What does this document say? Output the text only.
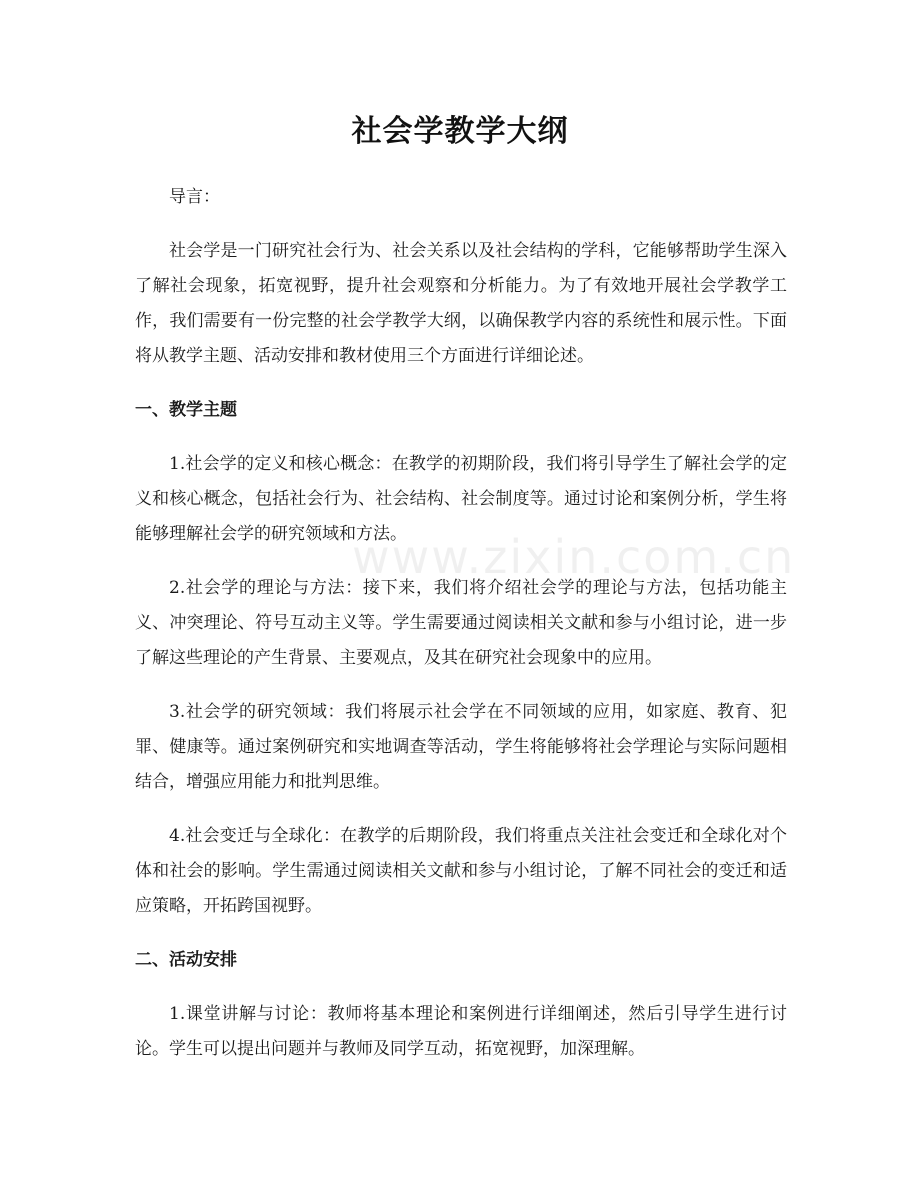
www.zixin.com.cn
社会学教学大纲

导言：

社会学是一门研究社会行为、社会关系以及社会结构的学科，它能够帮助学生深入了解社会现象，拓宽视野，提升社会观察和分析能力。为了有效地开展社会学教学工作，我们需要有一份完整的社会学教学大纲，以确保教学内容的系统性和展示性。下面将从教学主题、活动安排和教材使用三个方面进行详细论述。

一、教学主题

1.社会学的定义和核心概念：在教学的初期阶段，我们将引导学生了解社会学的定义和核心概念，包括社会行为、社会结构、社会制度等。通过讨论和案例分析，学生将能够理解社会学的研究领域和方法。

2.社会学的理论与方法：接下来，我们将介绍社会学的理论与方法，包括功能主义、冲突理论、符号互动主义等。学生需要通过阅读相关文献和参与小组讨论，进一步了解这些理论的产生背景、主要观点，及其在研究社会现象中的应用。

3.社会学的研究领域：我们将展示社会学在不同领域的应用，如家庭、教育、犯罪、健康等。通过案例研究和实地调查等活动，学生将能够将社会学理论与实际问题相结合，增强应用能力和批判思维。

4.社会变迁与全球化：在教学的后期阶段，我们将重点关注社会变迁和全球化对个体和社会的影响。学生需通过阅读相关文献和参与小组讨论，了解不同社会的变迁和适应策略，开拓跨国视野。

二、活动安排

1.课堂讲解与讨论：教师将基本理论和案例进行详细阐述，然后引导学生进行讨论。学生可以提出问题并与教师及同学互动，拓宽视野，加深理解。
